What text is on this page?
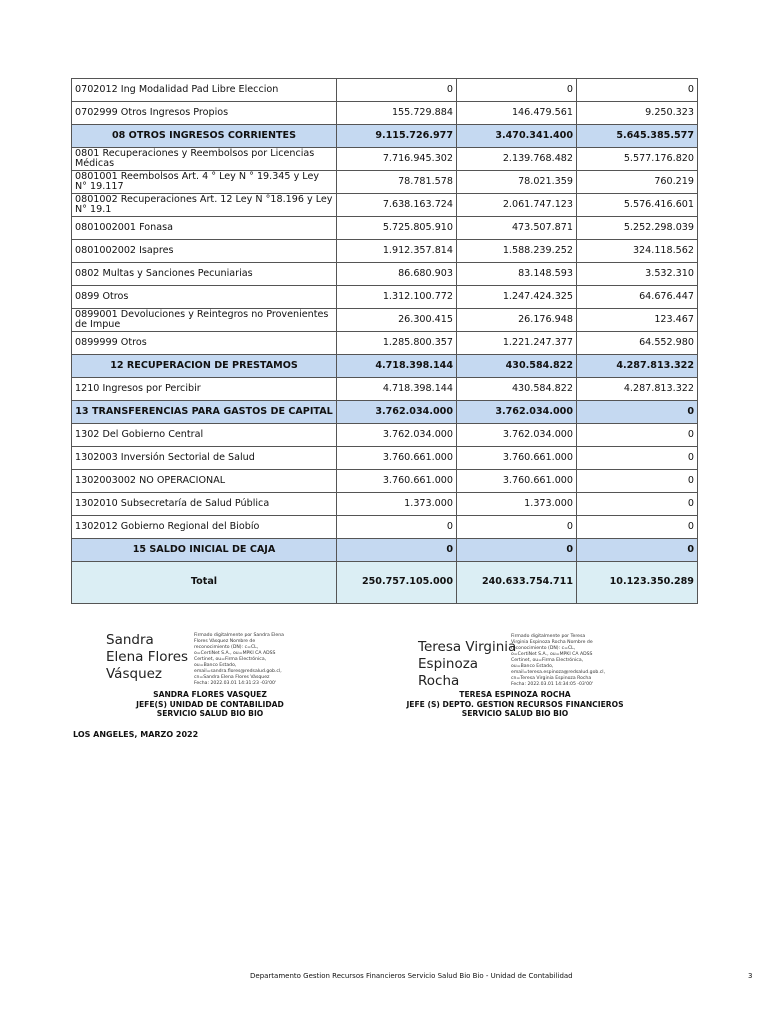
0702012 Ing Modalidad Pad Libre Eleccion	0	0	0
0702999 Otros Ingresos Propios	155.729.884	146.479.561	9.250.323
08 OTROS INGRESOS CORRIENTES	9.115.726.977	3.470.341.400	5.645.385.577
0801 Recuperaciones y Reembolsos por Licencias Médicas	7.716.945.302	2.139.768.482	5.577.176.820
0801001 Reembolsos Art. 4 ° Ley N ° 19.345 y Ley N° 19.117	78.781.578	78.021.359	760.219
0801002 Recuperaciones Art. 12 Ley N °18.196 y Ley N° 19.1	7.638.163.724	2.061.747.123	5.576.416.601
0801002001 Fonasa	5.725.805.910	473.507.871	5.252.298.039
0801002002 Isapres	1.912.357.814	1.588.239.252	324.118.562
0802 Multas y Sanciones Pecuniarias	86.680.903	83.148.593	3.532.310
0899 Otros	1.312.100.772	1.247.424.325	64.676.447
0899001 Devoluciones y Reintegros no Provenientes de Impue	26.300.415	26.176.948	123.467
0899999 Otros	1.285.800.357	1.221.247.377	64.552.980
12 RECUPERACION DE PRESTAMOS	4.718.398.144	430.584.822	4.287.813.322
1210 Ingresos por Percibir	4.718.398.144	430.584.822	4.287.813.322
13 TRANSFERENCIAS PARA GASTOS DE CAPITAL	3.762.034.000	3.762.034.000	0
1302 Del Gobierno Central	3.762.034.000	3.762.034.000	0
1302003 Inversión Sectorial de Salud	3.760.661.000	3.760.661.000	0
1302003002 NO OPERACIONAL	3.760.661.000	3.760.661.000	0
1302010 Subsecretaría de Salud Pública	1.373.000	1.373.000	0
1302012 Gobierno Regional del Biobío	0	0	0
15 SALDO INICIAL DE CAJA	0	0	0
Total	250.757.105.000	240.633.754.711	10.123.350.289
Sandra
Elena Flores
Vásquez
Firmado digitalmente por Sandra Elena Flores Vásquez Nombre de reconocimiento (DN): c=CL, o=CertiNet S.A., ou=MPKI CA ADSS Certinet, ou=Firma Electrónica, ou=Banco Estado, email=sandra.flores@redsalud.gob.cl, cn=Sandra Elena Flores Vásquez Fecha: 2022.03.01 14:31:23 -03'00'
SANDRA FLORES VASQUEZ
JEFE(S) UNIDAD DE CONTABILIDAD
SERVICIO SALUD BIO BIO
Teresa Virginia
Espinoza
Rocha
Firmado digitalmente por Teresa Virginia Espinoza Rocha Nombre de reconocimiento (DN): c=CL, o=CertiNet S.A., ou=MPKI CA ADSS Certinet, ou=Firma Electrónica, ou=Banco Estado, email=teresa.espinoza@redsalud.gob.cl, cn=Teresa Virginia Espinoza Rocha Fecha: 2022.03.01 14:34:05 -03'00'
TERESA ESPINOZA ROCHA
JEFE (S) DEPTO. GESTION RECURSOS FINANCIEROS
SERVICIO SALUD BIO BIO
LOS ANGELES, MARZO 2022
Departamento Gestion Recursos Financieros Servicio Salud Bio Bio - Unidad de Contabilidad	3
